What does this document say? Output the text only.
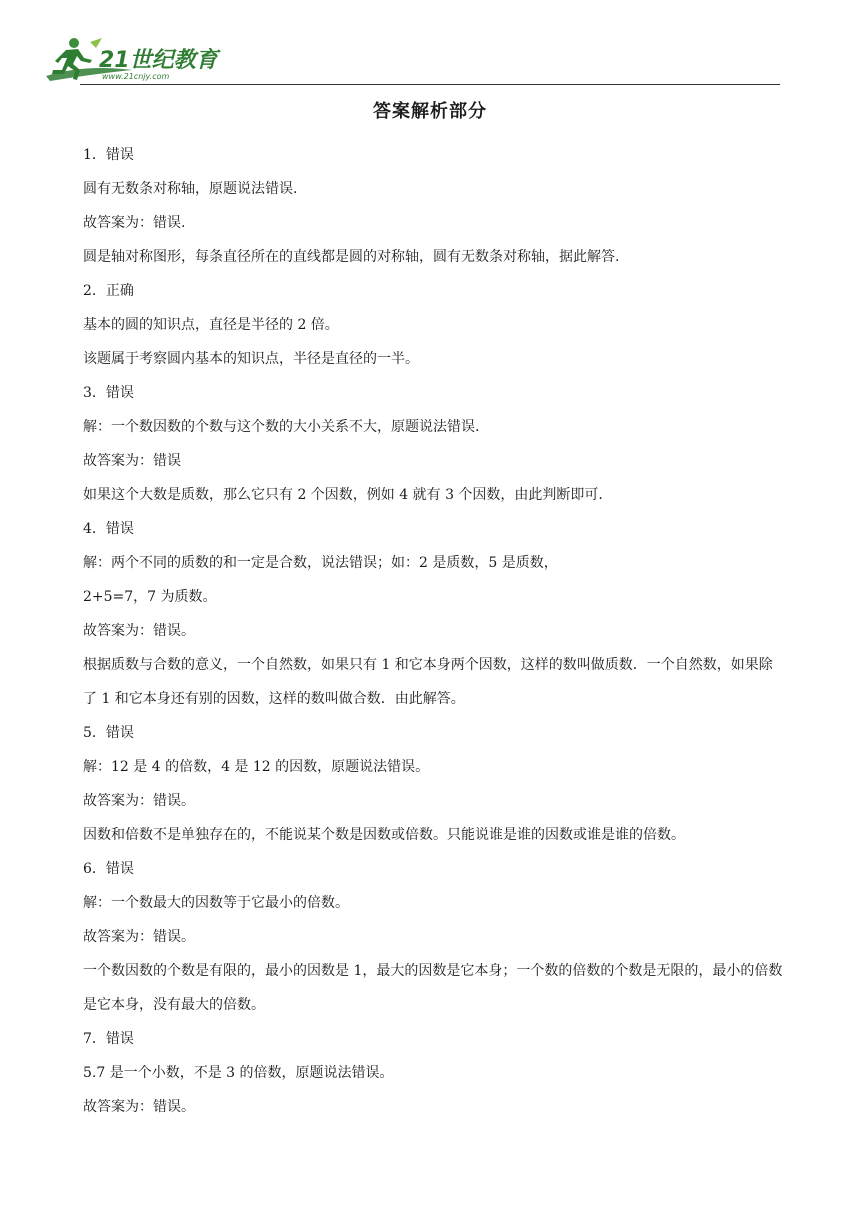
21世纪教育
www.21cnjy.com
答案解析部分

1．错误

圆有无数条对称轴，原题说法错误.

故答案为：错误.

圆是轴对称图形，每条直径所在的直线都是圆的对称轴，圆有无数条对称轴，据此解答.

2．正确

基本的圆的知识点，直径是半径的 2 倍。

该题属于考察圆内基本的知识点，半径是直径的一半。

3．错误

解：一个数因数的个数与这个数的大小关系不大，原题说法错误.

故答案为：错误

如果这个大数是质数，那么它只有 2 个因数，例如 4 就有 3 个因数，由此判断即可.

4．错误

解：两个不同的质数的和一定是合数，说法错误；如：2 是质数，5 是质数，

2+5=7，7 为质数。

故答案为：错误。

根据质数与合数的意义，一个自然数，如果只有 1 和它本身两个因数，这样的数叫做质数．一个自然数，如果除了 1 和它本身还有别的因数，这样的数叫做合数．由此解答。

5．错误

解：12 是 4 的倍数，4 是 12 的因数，原题说法错误。

故答案为：错误。

因数和倍数不是单独存在的，不能说某个数是因数或倍数。只能说谁是谁的因数或谁是谁的倍数。

6．错误

解：一个数最大的因数等于它最小的倍数。

故答案为：错误。

一个数因数的个数是有限的，最小的因数是 1，最大的因数是它本身；一个数的倍数的个数是无限的，最小的倍数是它本身，没有最大的倍数。

7．错误

5.7 是一个小数，不是 3 的倍数，原题说法错误。

故答案为：错误。
